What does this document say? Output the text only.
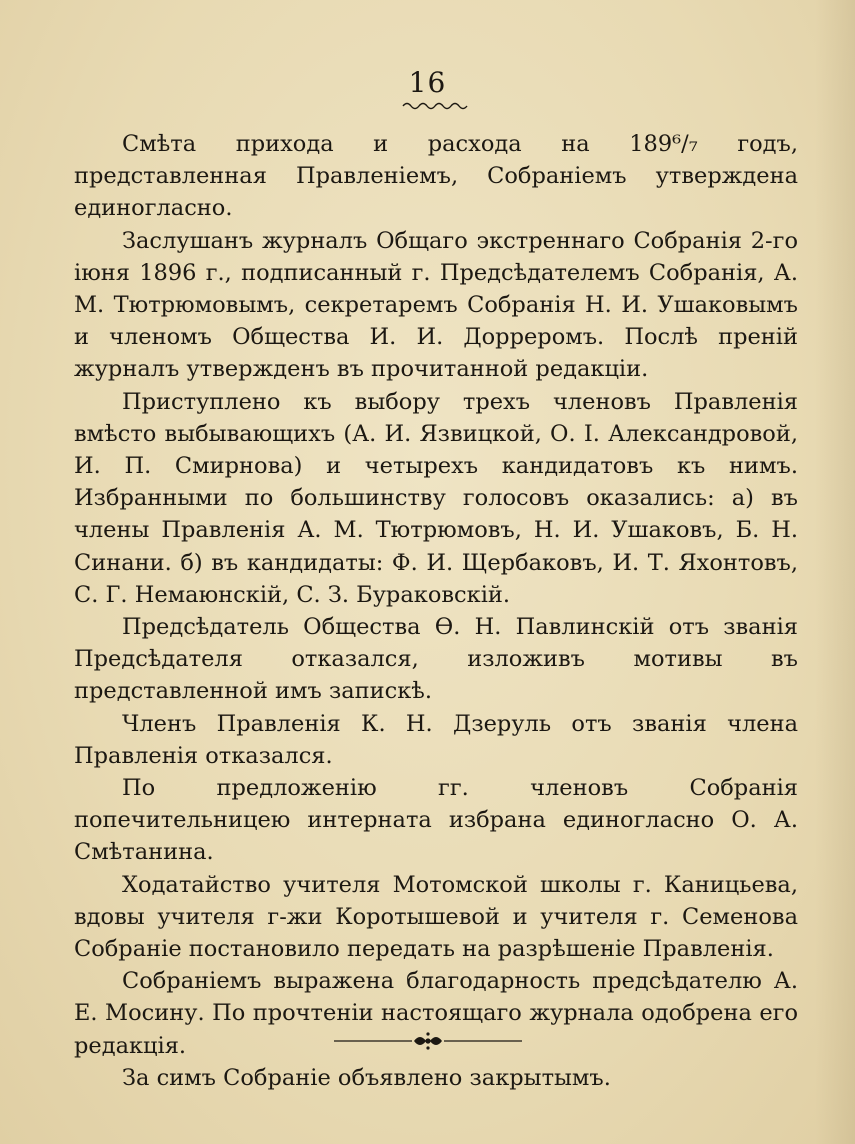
16

Смѣта прихода и расхода на 189⁶/₇ годъ, представленная Правленіемъ, Собраніемъ утверждена единогласно.

Заслушанъ журналъ Общаго экстреннаго Собранія 2-го іюня 1896 г., подписанный г. Предсѣдателемъ Собранія, А. М. Тютрюмовымъ, секретаремъ Собранія Н. И. Ушаковымъ и членомъ Общества И. И. Дорреромъ. Послѣ преній журналъ утвержденъ въ прочитанной редакціи.

Приступлено къ выбору трехъ членовъ Правленія вмѣсто выбывающихъ (А. И. Язвицкой, О. І. Александровой, И. П. Смирнова) и четырехъ кандидатовъ къ нимъ. Избранными по большинству голосовъ оказались: а) въ члены Правленія А. М. Тютрюмовъ, Н. И. Ушаковъ, Б. Н. Синани. б) въ кандидаты: Ф. И. Щербаковъ, И. Т. Яхонтовъ, С. Г. Немаюнскій, С. З. Бураковскій.

Предсѣдатель Общества Ѳ. Н. Павлинскій отъ званія Предсѣдателя отказался, изложивъ мотивы въ представленной имъ запискѣ.

Членъ Правленія К. Н. Дзеруль отъ званія члена Правленія отказался.

По предложенію гг. членовъ Собранія попечительницею интерната избрана единогласно О. А. Смѣтанина.

Ходатайство учителя Мотомской школы г. Каницьева, вдовы учителя г-жи Коротышевой и учителя г. Семенова Собраніе постановило передать на разрѣшеніе Правленія.

Собраніемъ выражена благодарность предсѣдателю А. Е. Мосину. По прочтеніи настоящаго журнала одобрена его редакція.

За симъ Собраніе объявлено закрытымъ.
